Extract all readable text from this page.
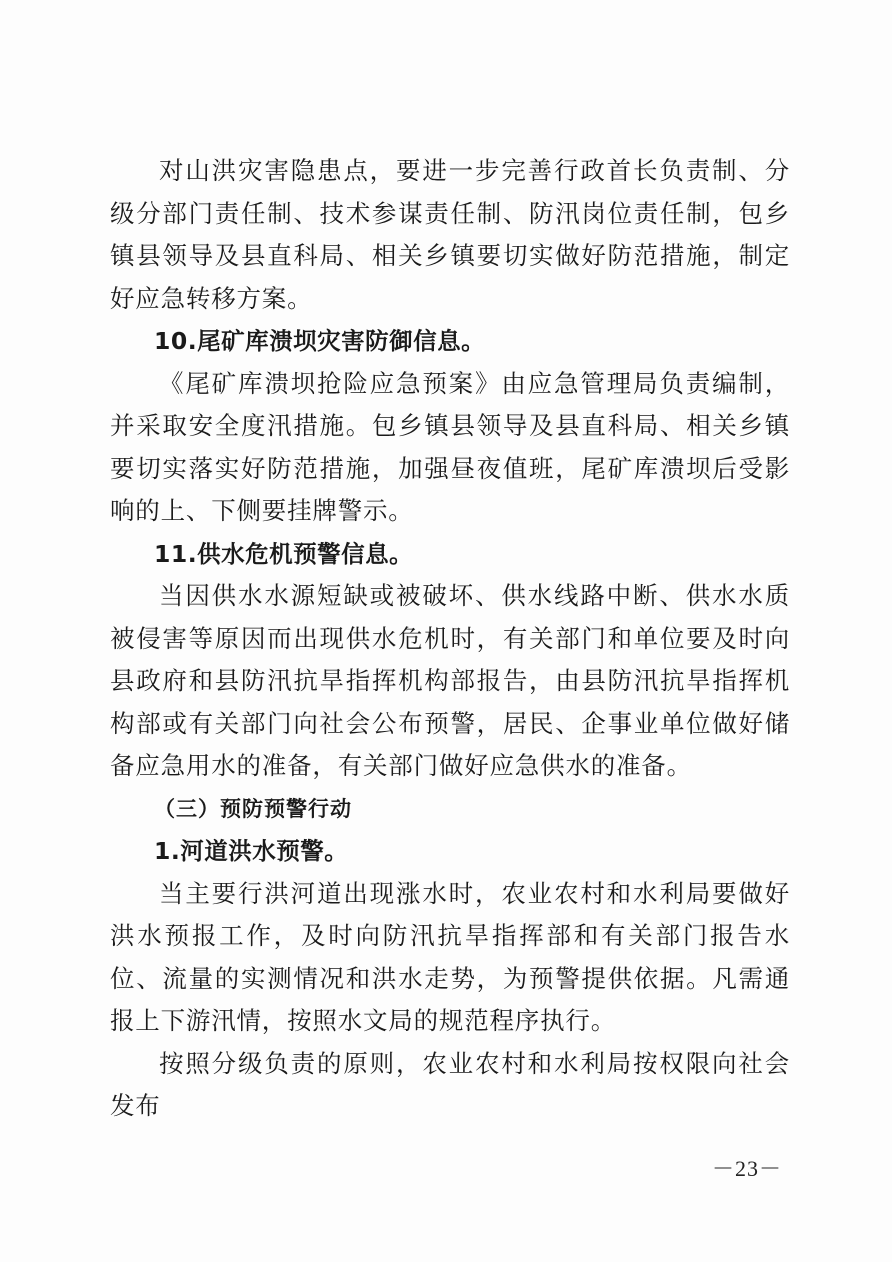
对山洪灾害隐患点，要进一步完善行政首长负责制、分级分部门责任制、技术参谋责任制、防汛岗位责任制，包乡镇县领导及县直科局、相关乡镇要切实做好防范措施，制定好应急转移方案。

10.尾矿库溃坝灾害防御信息。

《尾矿库溃坝抢险应急预案》由应急管理局负责编制，并采取安全度汛措施。包乡镇县领导及县直科局、相关乡镇要切实落实好防范措施，加强昼夜值班，尾矿库溃坝后受影响的上、下侧要挂牌警示。

11.供水危机预警信息。

当因供水水源短缺或被破坏、供水线路中断、供水水质被侵害等原因而出现供水危机时，有关部门和单位要及时向县政府和县防汛抗旱指挥机构部报告，由县防汛抗旱指挥机构部或有关部门向社会公布预警，居民、企事业单位做好储备应急用水的准备，有关部门做好应急供水的准备。

（三）预防预警行动

1.河道洪水预警。

当主要行洪河道出现涨水时，农业农村和水利局要做好洪水预报工作，及时向防汛抗旱指挥部和有关部门报告水位、流量的实测情况和洪水走势，为预警提供依据。凡需通报上下游汛情，按照水文局的规范程序执行。

按照分级负责的原则，农业农村和水利局按权限向社会发布

－23－
